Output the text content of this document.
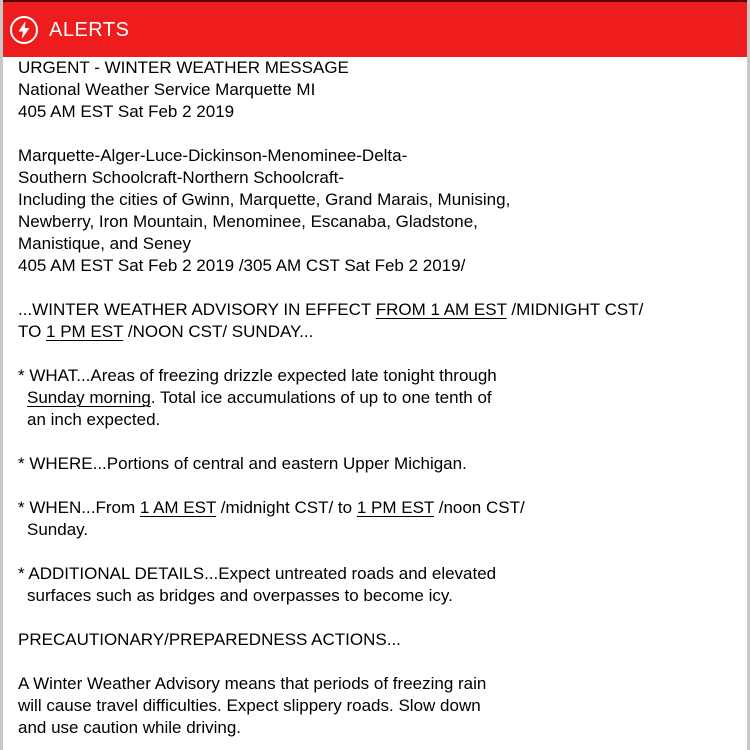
ALERTS
URGENT - WINTER WEATHER MESSAGE
National Weather Service Marquette MI
405 AM EST Sat Feb 2 2019
Marquette-Alger-Luce-Dickinson-Menominee-Delta-
Southern Schoolcraft-Northern Schoolcraft-
Including the cities of Gwinn, Marquette, Grand Marais, Munising,
Newberry, Iron Mountain, Menominee, Escanaba, Gladstone,
Manistique, and Seney
405 AM EST Sat Feb 2 2019 /305 AM CST Sat Feb 2 2019/
...WINTER WEATHER ADVISORY IN EFFECT FROM 1 AM EST /MIDNIGHT CST/
TO 1 PM EST /NOON CST/ SUNDAY...
* WHAT...Areas of freezing drizzle expected late tonight through
Sunday morning. Total ice accumulations of up to one tenth of
an inch expected.
* WHERE...Portions of central and eastern Upper Michigan.
* WHEN...From 1 AM EST /midnight CST/ to 1 PM EST /noon CST/
Sunday.
* ADDITIONAL DETAILS...Expect untreated roads and elevated
surfaces such as bridges and overpasses to become icy.
PRECAUTIONARY/PREPAREDNESS ACTIONS...
A Winter Weather Advisory means that periods of freezing rain
will cause travel difficulties. Expect slippery roads. Slow down
and use caution while driving.
